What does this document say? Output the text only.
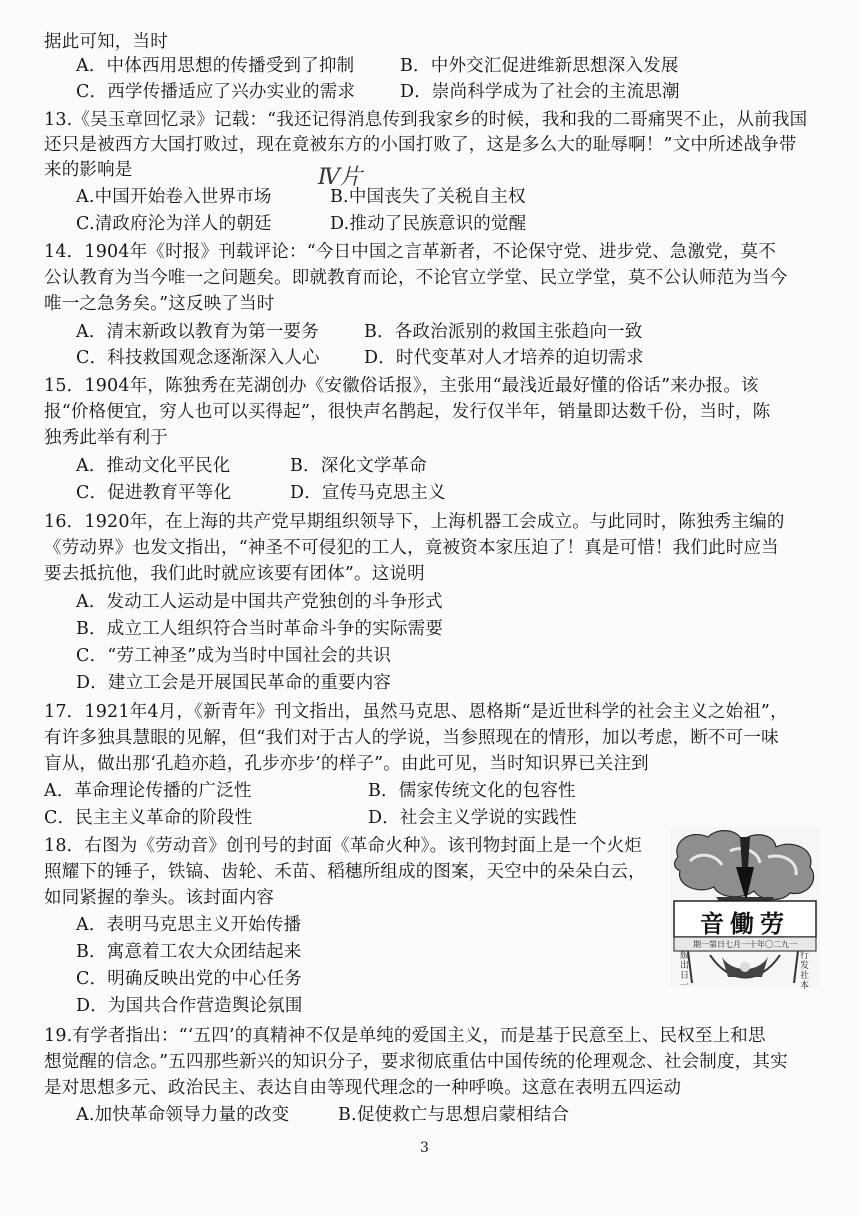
据此可知，当时
A．中体西用思想的传播受到了抑制	B．中外交汇促进维新思想深入发展
C．西学传播适应了兴办实业的需求	D．崇尚科学成为了社会的主流思潮
13.《吴玉章回忆录》记载：“我还记得消息传到我家乡的时候，我和我的二哥痛哭不止，从前我国
还只是被西方大国打败过，现在竟被东方的小国打败了，这是多么大的耻辱啊！”文中所述战争带
来的影响是	Ⅳ片
A.中国开始卷入世界市场	B.中国丧失了关税自主权
C.清政府沦为洋人的朝廷	D.推动了民族意识的觉醒
14．1904年《时报》刊载评论：“今日中国之言革新者，不论保守党、进步党、急激党，莫不
公认教育为当今唯一之问题矣。即就教育而论，不论官立学堂、民立学堂，莫不公认师范为当今
唯一之急务矣。”这反映了当时
A．清末新政以教育为第一要务	B．各政治派别的救国主张趋向一致
C．科技救国观念逐渐深入人心	D．时代变革对人才培养的迫切需求
15．1904年，陈独秀在芜湖创办《安徽俗话报》，主张用“最浅近最好懂的俗话”来办报。该
报“价格便宜，穷人也可以买得起”，很快声名鹊起，发行仅半年，销量即达数千份，当时，陈
独秀此举有利于
A．推动文化平民化	B．深化文学革命
C．促进教育平等化	D．宣传马克思主义
16．1920年，在上海的共产党早期组织领导下，上海机器工会成立。与此同时，陈独秀主编的
《劳动界》也发文指出，“神圣不可侵犯的工人，竟被资本家压迫了！真是可惜！我们此时应当
要去抵抗他，我们此时就应该要有团体”。这说明
A．发动工人运动是中国共产党独创的斗争形式
B．成立工人组织符合当时革命斗争的实际需要
C．“劳工神圣”成为当时中国社会的共识
D．建立工会是开展国民革命的重要内容
17．1921年4月，《新青年》刊文指出，虽然马克思、恩格斯“是近世科学的社会主义之始祖”，
有许多独具慧眼的见解，但“我们对于古人的学说，当参照现在的情形，加以考虑，断不可一味
盲从，做出那‘孔趋亦趋，孔步亦步’的样子”。由此可见，当时知识界已关注到
A．革命理论传播的广泛性	B．儒家传统文化的包容性
C．民主主义革命的阶段性	D．社会主义学说的实践性
18．右图为《劳动音》创刊号的封面《革命火种》。该刊物封面上是一个火炬
照耀下的锤子，铁镐、齿轮、禾苗、稻穗所组成的图案，天空中的朵朵白云，
如同紧握的拳头。该封面内容
A．表明马克思主义开始传播
B．寓意着工农大众团结起来
C．明确反映出党的中心任务
D．为国共合作营造舆论氛围
音働劳
期一第日七月一十年〇二九一
版出日一
行发社本
19.有学者指出：“‘五四’的真精神不仅是单纯的爱国主义，而是基于民意至上、民权至上和思
想觉醒的信念。”五四那些新兴的知识分子，要求彻底重估中国传统的伦理观念、社会制度，其实
是对思想多元、政治民主、表达自由等现代理念的一种呼唤。这意在表明五四运动
A.加快革命领导力量的改变	B.促使救亡与思想启蒙相结合
3
